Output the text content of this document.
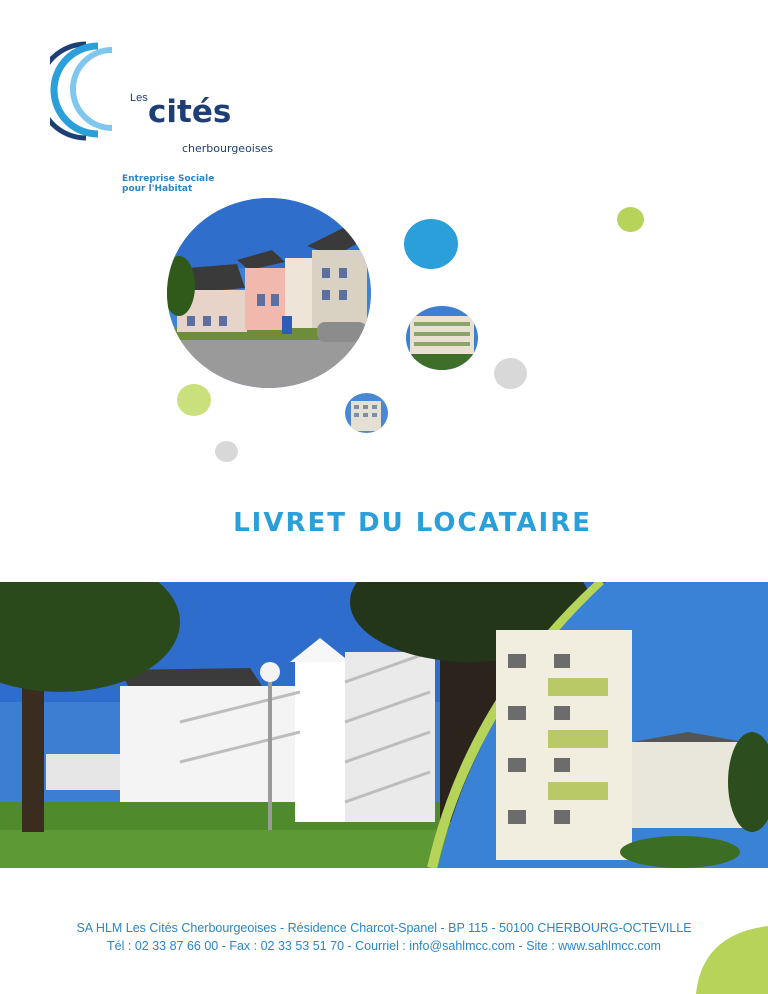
Les cités
cherbourgeoises
Entreprise Sociale pour l'Habitat
LIVRET DU LOCATAIRE
SA HLM Les Cités Cherbourgeoises - Résidence Charcot-Spanel - BP 115 - 50100 CHERBOURG-OCTEVILLE
Tél : 02 33 87 66 00 - Fax : 02 33 53 51 70 - Courriel : info@sahlmcc.com - Site : www.sahlmcc.com
